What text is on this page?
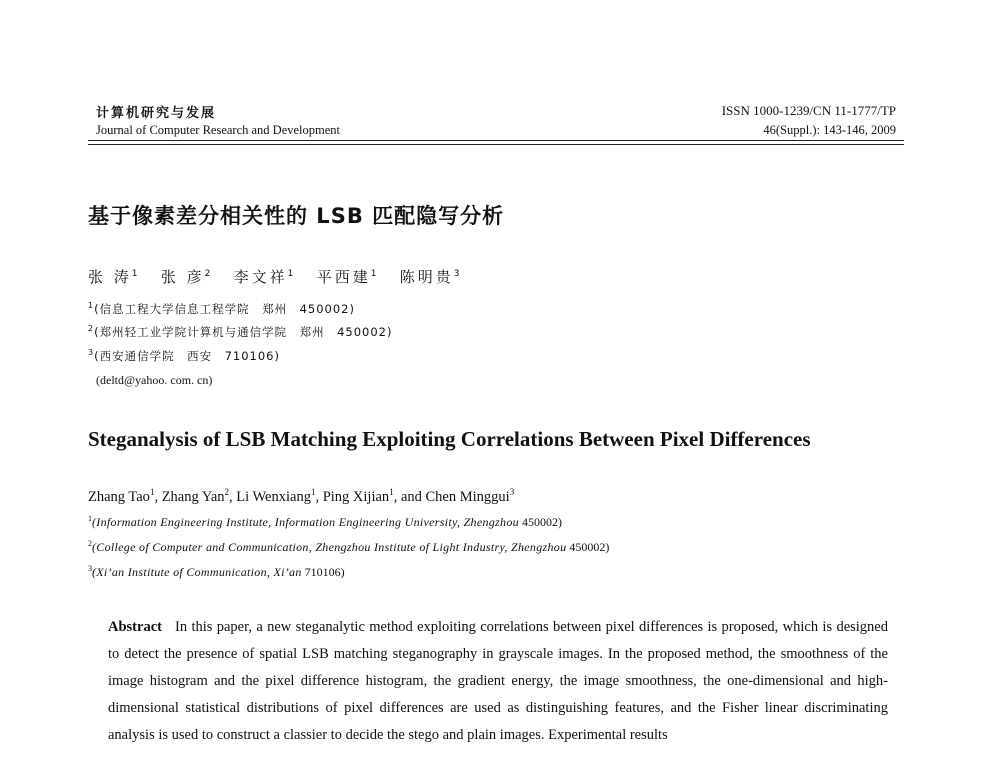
计算机研究与发展
Journal of Computer Research and Development
ISSN 1000-1239/CN 11-1777/TP
46(Suppl.): 143-146, 2009
基于像素差分相关性的 LSB 匹配隐写分析
张 涛$^1$ 张 彦$^2$ 李文祥$^1$ 平西建$^1$ 陈明贵$^3$
$^1$(信息工程大学信息工程学院　郑州　450002)
$^2$(郑州轻工业学院计算机与通信学院　郑州　450002)
$^3$(西安通信学院　西安　710106)
(deltd@yahoo. com. cn)
Steganalysis of LSB Matching Exploiting Correlations Between Pixel Differences
Zhang Tao$^1$, Zhang Yan$^2$, Li Wenxiang$^1$, Ping Xijian$^1$, and Chen Minggui$^3$
$^1$(Information Engineering Institute, Information Engineering University, Zhengzhou 450002)
$^2$(College of Computer and Communication, Zhengzhou Institute of Light Industry, Zhengzhou 450002)
$^3$(Xi’an Institute of Communication, Xi’an 710106)
Abstract In this paper, a new steganalytic method exploiting correlations between pixel differences is proposed, which is designed to detect the presence of spatial LSB matching steganography in grayscale images. In the proposed method, the smoothness of the image histogram and the pixel difference histogram, the gradient energy, the image smoothness, the one-dimensional and high-dimensional statistical distributions of pixel differences are used as distinguishing features, and the Fisher linear discriminating analysis is used to construct a classier to decide the stego and plain images. Experimental results
